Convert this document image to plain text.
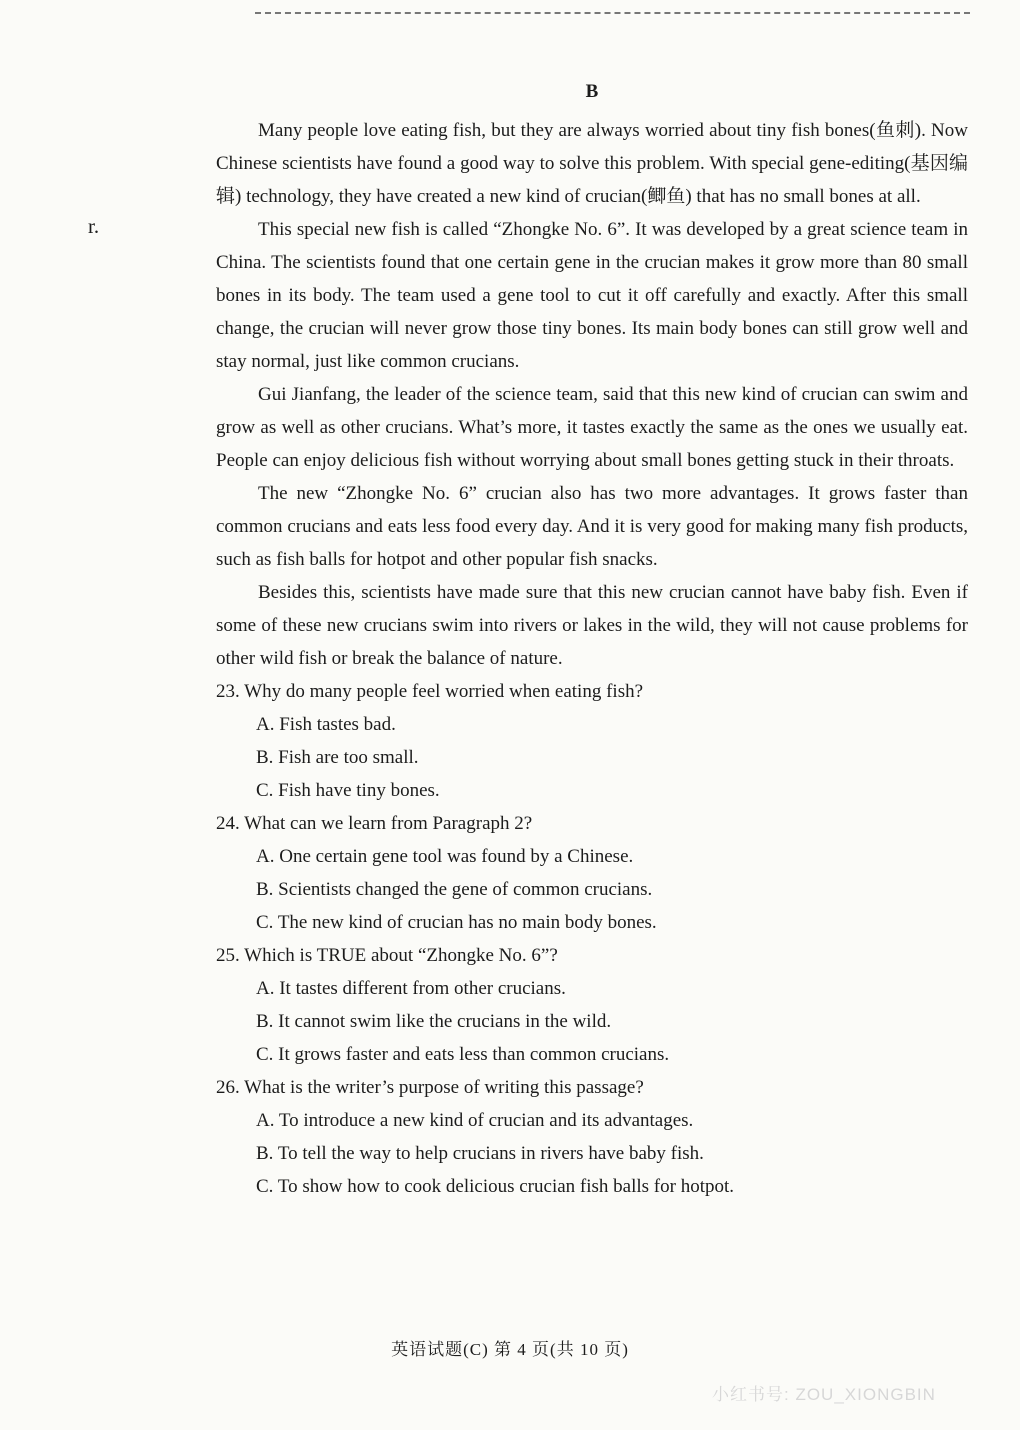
r.
B

Many people love eating fish, but they are always worried about tiny fish bones(鱼刺). Now Chinese scientists have found a good way to solve this problem. With special gene-editing(基因编辑) technology, they have created a new kind of crucian(鲫鱼) that has no small bones at all.

This special new fish is called “Zhongke No. 6”. It was developed by a great science team in China. The scientists found that one certain gene in the crucian makes it grow more than 80 small bones in its body. The team used a gene tool to cut it off carefully and exactly. After this small change, the crucian will never grow those tiny bones. Its main body bones can still grow well and stay normal, just like common crucians.

Gui Jianfang, the leader of the science team, said that this new kind of crucian can swim and grow as well as other crucians. What’s more, it tastes exactly the same as the ones we usually eat. People can enjoy delicious fish without worrying about small bones getting stuck in their throats.

The new “Zhongke No. 6” crucian also has two more advantages. It grows faster than common crucians and eats less food every day. And it is very good for making many fish products, such as fish balls for hotpot and other popular fish snacks.

Besides this, scientists have made sure that this new crucian cannot have baby fish. Even if some of these new crucians swim into rivers or lakes in the wild, they will not cause problems for other wild fish or break the balance of nature.

23. Why do many people feel worried when eating fish?

A. Fish tastes bad.

B. Fish are too small.

C. Fish have tiny bones.

24. What can we learn from Paragraph 2?

A. One certain gene tool was found by a Chinese.

B. Scientists changed the gene of common crucians.

C. The new kind of crucian has no main body bones.

25. Which is TRUE about “Zhongke No. 6”?

A. It tastes different from other crucians.

B. It cannot swim like the crucians in the wild.

C. It grows faster and eats less than common crucians.

26. What is the writer’s purpose of writing this passage?

A. To introduce a new kind of crucian and its advantages.

B. To tell the way to help crucians in rivers have baby fish.

C. To show how to cook delicious crucian fish balls for hotpot.

英语试题(C) 第 4 页(共 10 页)
小红书号: ZOU_XIONGBIN
